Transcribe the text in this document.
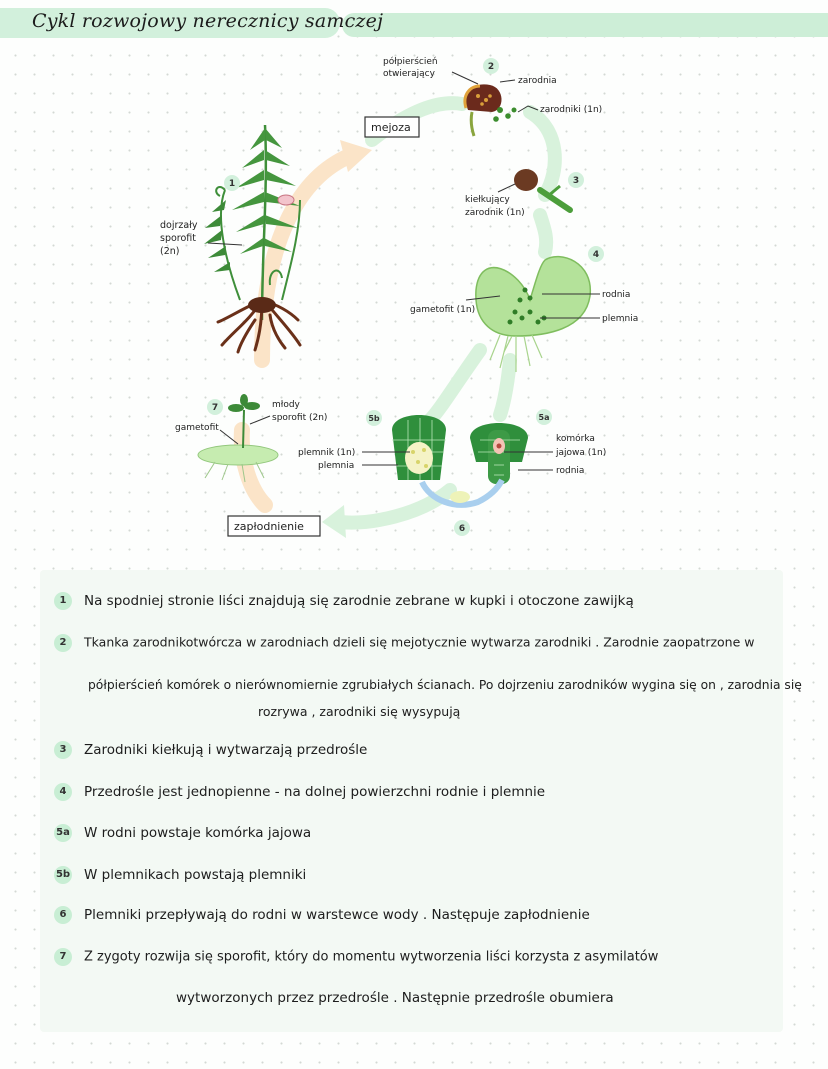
Cykl rozwojowy nerecznicy samczej
1
2
3
4
5a
5b
6
7
mejoza
zapłodnienie
dojrzały
sporofit
(2n)
półpierścień
otwierający
zarodnia
zarodniki (1n)
kiełkujący
zarodnik (1n)
gametofit (1n)
rodnia
plemnia
młody
sporofit (2n)
gametofit
plemnik (1n)
plemnia
komórka
jajowa (1n)
rodnia
1 Na spodniej stronie liści znajdują się zarodnie zebrane w kupki i otoczone zawijką
2 Tkanka zarodnikotwórcza w zarodniach dzieli się mejotycznie wytwarza zarodniki . Zarodnie zaopatrzone w
półpierścień komórek o nierównomiernie zgrubiałych ścianach. Po dojrzeniu zarodników wygina się on , zarodnia się
rozrywa , zarodniki się wysypują
3 Zarodniki kiełkują i wytwarzają przedrośle
4 Przedrośle jest jednopienne - na dolnej powierzchni rodnie i plemnie
5a W rodni powstaje komórka jajowa
5b W plemnikach powstają plemniki
6 Plemniki przepływają do rodni w warstewce wody . Następuje zapłodnienie
7 Z zygoty rozwija się sporofit, który do momentu wytworzenia liści korzysta z asymilatów
wytworzonych przez przedrośle . Następnie przedrośle obumiera
